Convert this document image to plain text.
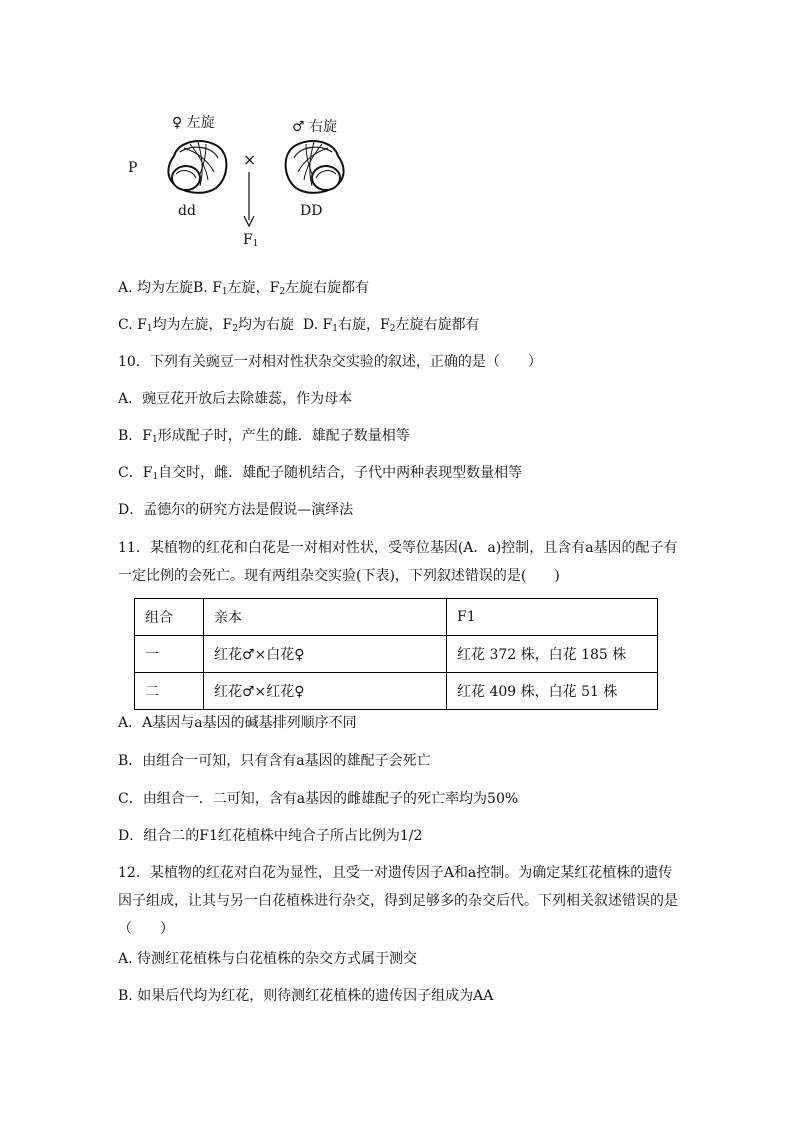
♀ 左旋	♂ 右旋
P	×
dd	DD
$F_1$
A. 均为左旋B. $F_1$左旋，$F_2$左旋右旋都有
C. $F_1$均为左旋，$F_2$均为右旋 D. $F_1$右旋，$F_2$左旋右旋都有
10．下列有关豌豆一对相对性状杂交实验的叙述，正确的是（　　）
A．豌豆花开放后去除雄蕊，作为母本
B．$F_1$形成配子时，产生的雌．雄配子数量相等
C．$F_1$自交时，雌．雄配子随机结合，子代中两种表现型数量相等
D．孟德尔的研究方法是假说—演绎法
11．某植物的红花和白花是一对相对性状，受等位基因(A．a)控制，且含有a基因的配子有一定比例的会死亡。现有两组杂交实验(下表)，下列叙述错误的是(　　)
组合	亲本	F1
一	红花♂×白花♀	红花 372 株，白花 185 株
二	红花♂×红花♀	红花 409 株，白花 51 株
A．A基因与a基因的碱基排列顺序不同
B．由组合一可知，只有含有a基因的雄配子会死亡
C．由组合一．二可知，含有a基因的雌雄配子的死亡率均为50%
D．组合二的F1红花植株中纯合子所占比例为1/2
12．某植物的红花对白花为显性，且受一对遗传因子A和a控制。为确定某红花植株的遗传因子组成，让其与另一白花植株进行杂交，得到足够多的杂交后代。下列相关叙述错误的是（　　）
A. 待测红花植株与白花植株的杂交方式属于测交
B. 如果后代均为红花，则待测红花植株的遗传因子组成为AA
